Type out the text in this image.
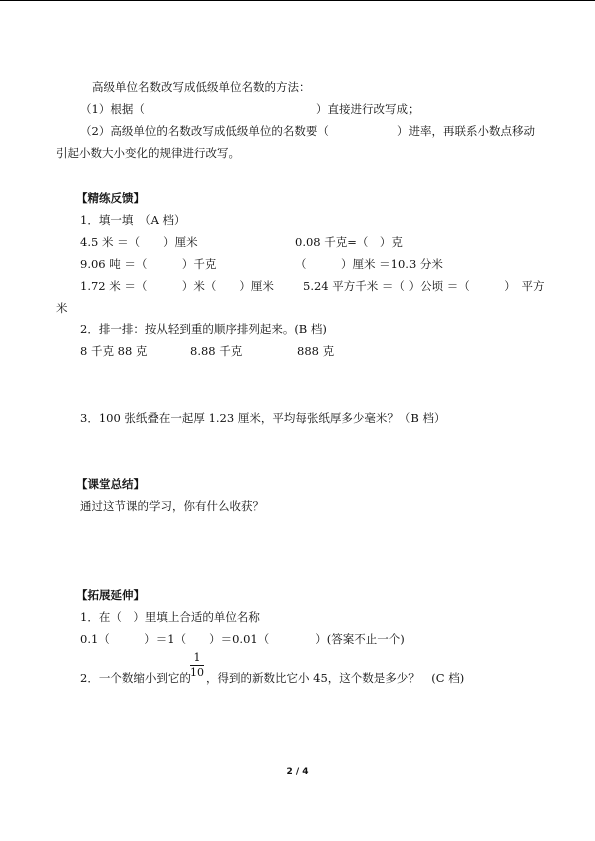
高级单位名数改写成低级单位名数的方法：
（1）根据（	）直接进行改写成；
（2）高级单位的名数改写成低级单位的名数要（	）进率，再联系小数点移动
引起小数大小变化的规律进行改写。
【精练反馈】
1．填一填　（A 档）
4.5 米 ＝（　　）厘米	0.08 千克=（　）克
9.06 吨 ＝（　　　）千克	（　　　）厘米 ＝10.3 分米
1.72 米 ＝（　　　）米（　　）厘米	5.24 平方千米 ＝（ ）公顷 ＝（　　　）　平方
米
2．排一排：按从轻到重的顺序排列起来。(B 档)
8 千克 88 克	8.88 千克	888 克
3．100 张纸叠在一起厚 1.23 厘米，平均每张纸厚多少毫米？（B 档）
【课堂总结】
通过这节课的学习，你有什么收获？
【拓展延伸】
1．在（　）里填上合适的单位名称
0.1（　　　）＝1（　　）＝0.01（　　　　）(答案不止一个)
2．一个数缩小到它的
1
10 ，得到的新数比它小 45，这个数是多少？　(C 档)
2 / 4
